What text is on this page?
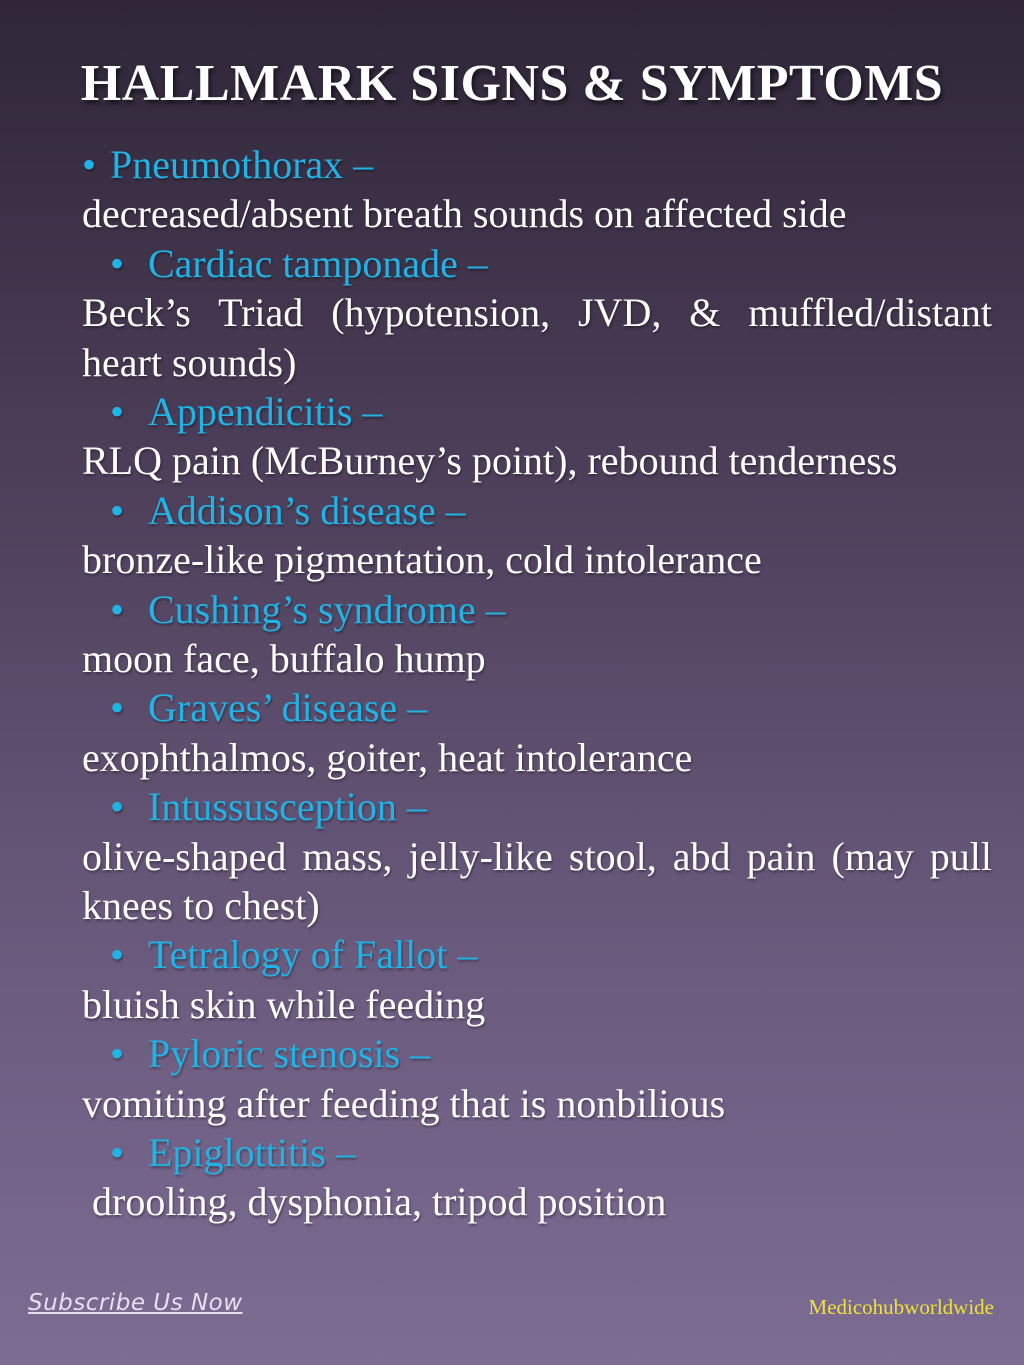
HALLMARK SIGNS & SYMPTOMS
• Pneumothorax –
decreased/absent breath sounds on affected side
• Cardiac tamponade –
Beck’s Triad (hypotension, JVD, & muffled/distant heart sounds)
• Appendicitis –
RLQ pain (McBurney’s point), rebound tenderness
• Addison’s disease –
bronze-like pigmentation, cold intolerance
• Cushing’s syndrome –
moon face, buffalo hump
• Graves’ disease –
exophthalmos, goiter, heat intolerance
• Intussusception –
olive-shaped mass, jelly-like stool, abd pain (may pull knees to chest)
• Tetralogy of Fallot –
bluish skin while feeding
• Pyloric stenosis –
vomiting after feeding that is nonbilious
• Epiglottitis –
drooling, dysphonia, tripod position
Subscribe Us Now	Medicohubworldwide
